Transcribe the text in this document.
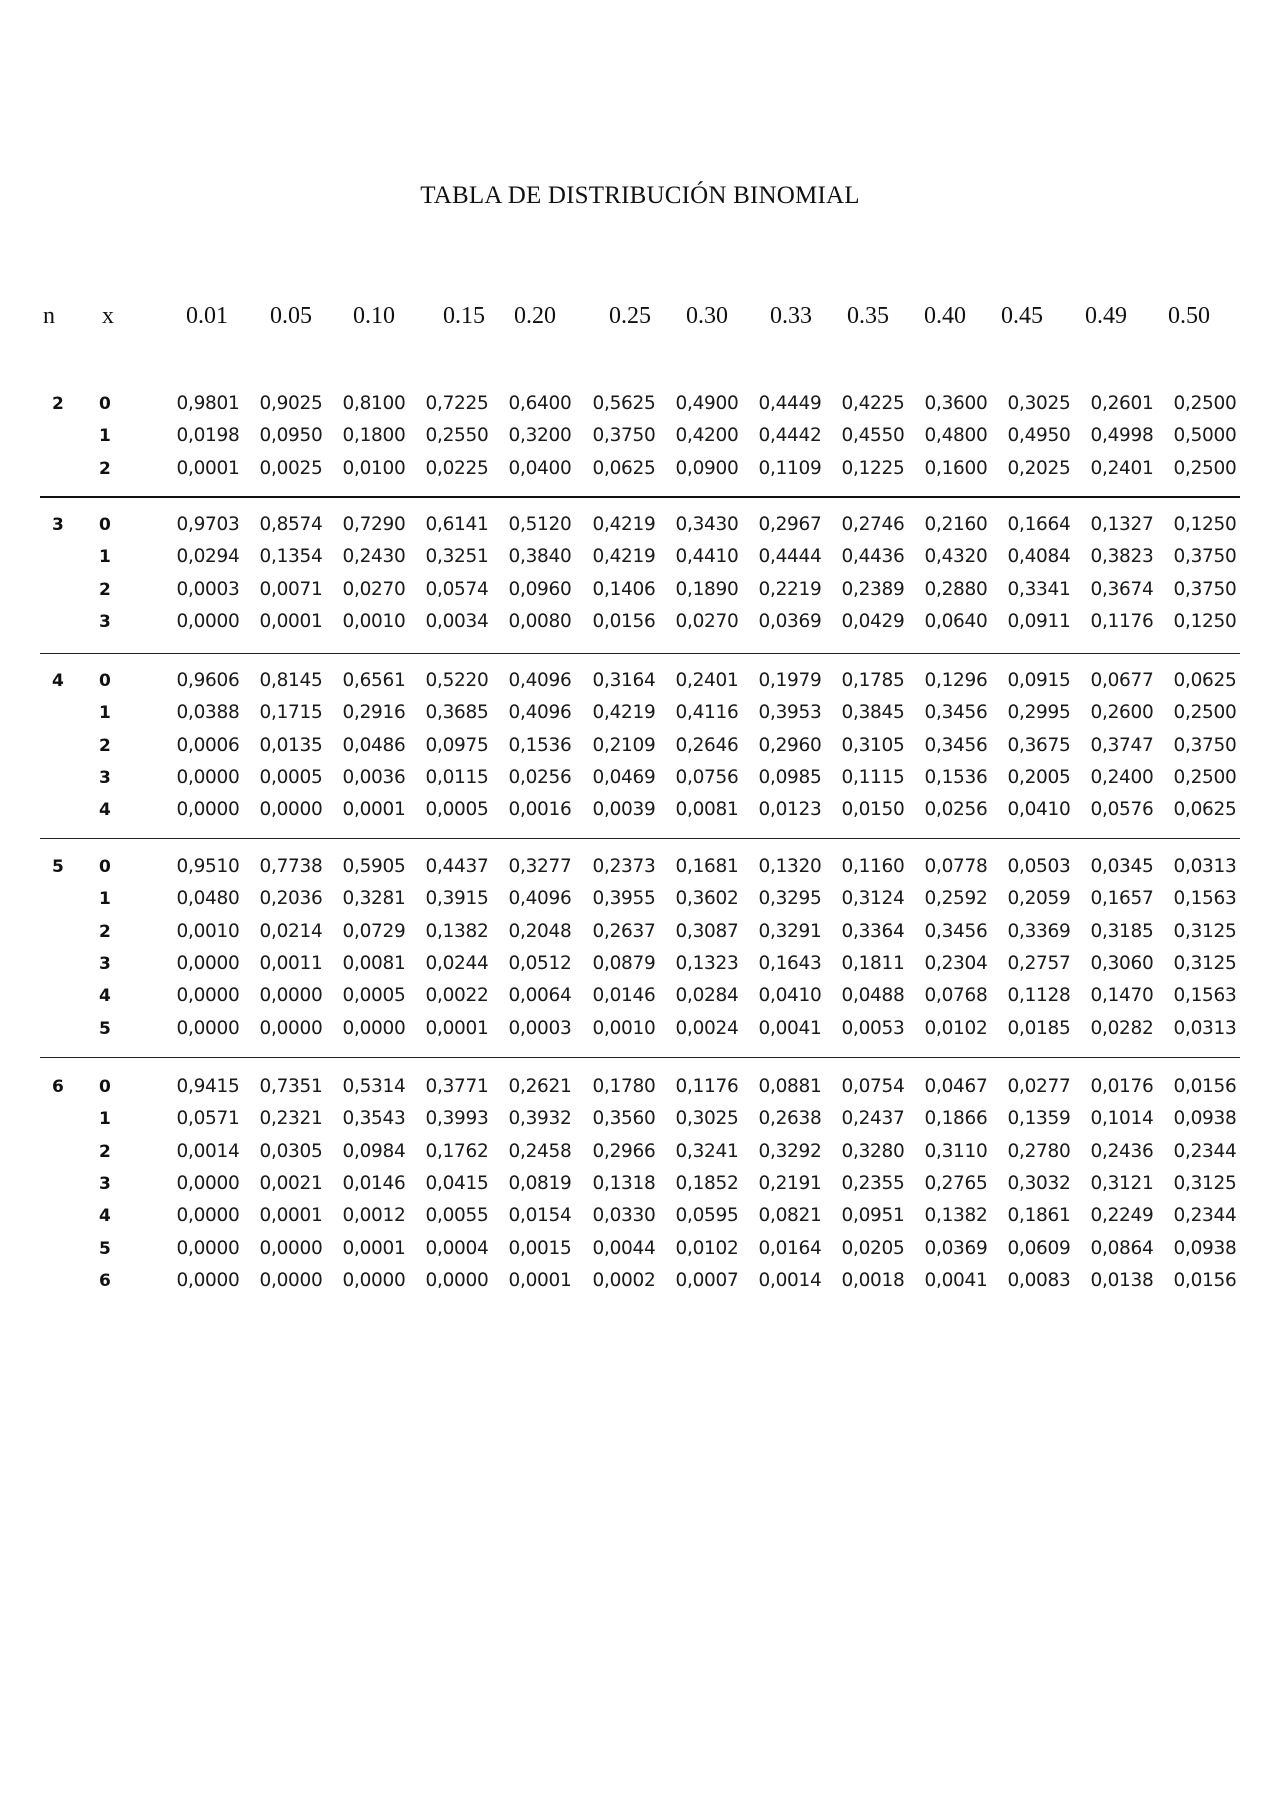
TABLA DE DISTRIBUCIÓN BINOMIAL
n x	0.01	0.05	0.10	0.15	0.20	0.25	0.30	0.33	0.35	0.40	0.45	0.49	0.50
2 0	0,9801	0,9025	0,8100	0,7225	0,6400	0,5625	0,4900	0,4449	0,4225	0,3600	0,3025	0,2601	0,2500
1	0,0198	0,0950	0,1800	0,2550	0,3200	0,3750	0,4200	0,4442	0,4550	0,4800	0,4950	0,4998	0,5000
2	0,0001	0,0025	0,0100	0,0225	0,0400	0,0625	0,0900	0,1109	0,1225	0,1600	0,2025	0,2401	0,2500
3 0	0,9703	0,8574	0,7290	0,6141	0,5120	0,4219	0,3430	0,2967	0,2746	0,2160	0,1664	0,1327	0,1250
1	0,0294	0,1354	0,2430	0,3251	0,3840	0,4219	0,4410	0,4444	0,4436	0,4320	0,4084	0,3823	0,3750
2	0,0003	0,0071	0,0270	0,0574	0,0960	0,1406	0,1890	0,2219	0,2389	0,2880	0,3341	0,3674	0,3750
3	0,0000	0,0001	0,0010	0,0034	0,0080	0,0156	0,0270	0,0369	0,0429	0,0640	0,0911	0,1176	0,1250
4 0	0,9606	0,8145	0,6561	0,5220	0,4096	0,3164	0,2401	0,1979	0,1785	0,1296	0,0915	0,0677	0,0625
1	0,0388	0,1715	0,2916	0,3685	0,4096	0,4219	0,4116	0,3953	0,3845	0,3456	0,2995	0,2600	0,2500
2	0,0006	0,0135	0,0486	0,0975	0,1536	0,2109	0,2646	0,2960	0,3105	0,3456	0,3675	0,3747	0,3750
3	0,0000	0,0005	0,0036	0,0115	0,0256	0,0469	0,0756	0,0985	0,1115	0,1536	0,2005	0,2400	0,2500
4	0,0000	0,0000	0,0001	0,0005	0,0016	0,0039	0,0081	0,0123	0,0150	0,0256	0,0410	0,0576	0,0625
5 0	0,9510	0,7738	0,5905	0,4437	0,3277	0,2373	0,1681	0,1320	0,1160	0,0778	0,0503	0,0345	0,0313
1	0,0480	0,2036	0,3281	0,3915	0,4096	0,3955	0,3602	0,3295	0,3124	0,2592	0,2059	0,1657	0,1563
2	0,0010	0,0214	0,0729	0,1382	0,2048	0,2637	0,3087	0,3291	0,3364	0,3456	0,3369	0,3185	0,3125
3	0,0000	0,0011	0,0081	0,0244	0,0512	0,0879	0,1323	0,1643	0,1811	0,2304	0,2757	0,3060	0,3125
4	0,0000	0,0000	0,0005	0,0022	0,0064	0,0146	0,0284	0,0410	0,0488	0,0768	0,1128	0,1470	0,1563
5	0,0000	0,0000	0,0000	0,0001	0,0003	0,0010	0,0024	0,0041	0,0053	0,0102	0,0185	0,0282	0,0313
6 0	0,9415	0,7351	0,5314	0,3771	0,2621	0,1780	0,1176	0,0881	0,0754	0,0467	0,0277	0,0176	0,0156
1	0,0571	0,2321	0,3543	0,3993	0,3932	0,3560	0,3025	0,2638	0,2437	0,1866	0,1359	0,1014	0,0938
2	0,0014	0,0305	0,0984	0,1762	0,2458	0,2966	0,3241	0,3292	0,3280	0,3110	0,2780	0,2436	0,2344
3	0,0000	0,0021	0,0146	0,0415	0,0819	0,1318	0,1852	0,2191	0,2355	0,2765	0,3032	0,3121	0,3125
4	0,0000	0,0001	0,0012	0,0055	0,0154	0,0330	0,0595	0,0821	0,0951	0,1382	0,1861	0,2249	0,2344
5	0,0000	0,0000	0,0001	0,0004	0,0015	0,0044	0,0102	0,0164	0,0205	0,0369	0,0609	0,0864	0,0938
6	0,0000	0,0000	0,0000	0,0000	0,0001	0,0002	0,0007	0,0014	0,0018	0,0041	0,0083	0,0138	0,0156
